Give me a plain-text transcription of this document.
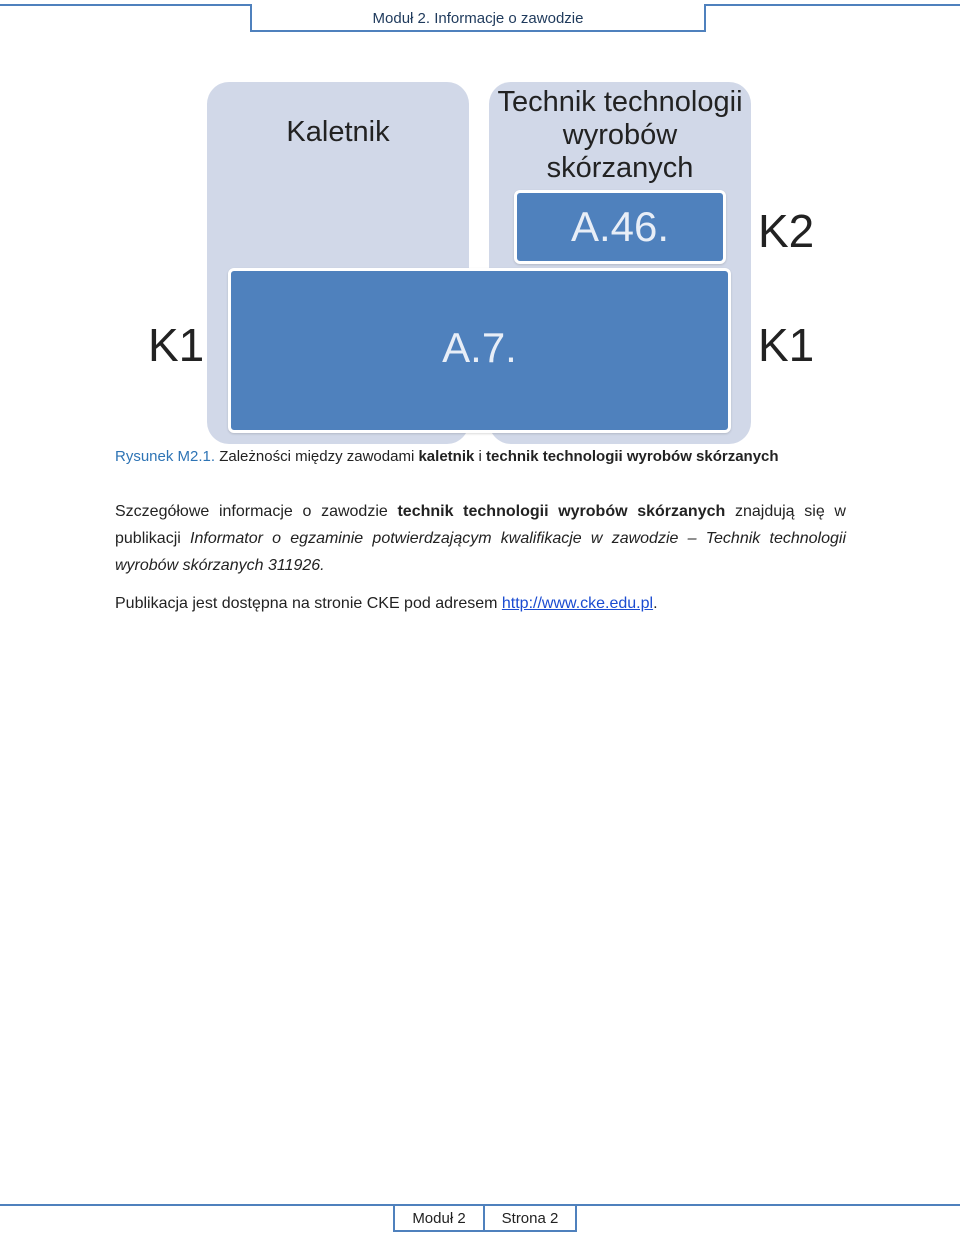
Moduł 2. Informacje o zawodzie
Kaletnik
Technik technologii wyrobów skórzanych
A.46.
A.7.
K1
K2
K1
Rysunek M2.1. Zależności między zawodami kaletnik i technik technologii wyrobów skórzanych
Szczegółowe informacje o zawodzie technik technologii wyrobów skórzanych znajdują się w publikacji Informator o egzaminie potwierdzającym kwalifikacje w zawodzie – Technik technologii wyrobów skórzanych 311926.
Publikacja jest dostępna na stronie CKE pod adresem http://www.cke.edu.pl.
Moduł 2	Strona 2
